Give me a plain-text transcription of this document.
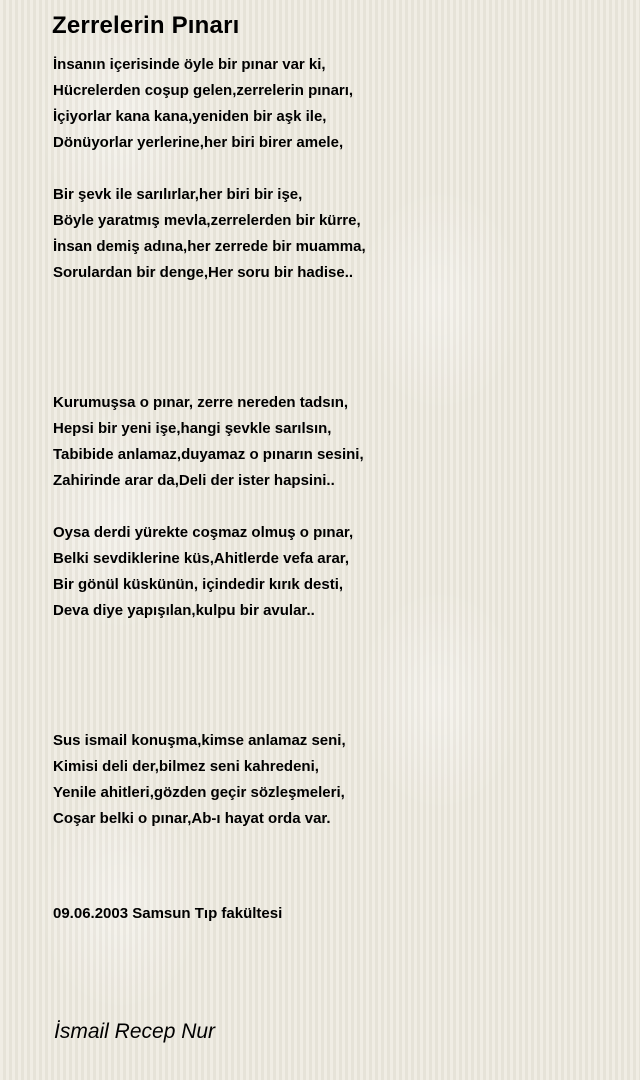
Zerrelerin Pınarı
İnsanın içerisinde öyle bir pınar var ki,
Hücrelerden coşup gelen,zerrelerin pınarı,
İçiyorlar kana kana,yeniden bir aşk ile,
Dönüyorlar yerlerine,her biri birer amele,
Bir şevk ile sarılırlar,her biri bir işe,
Böyle yaratmış mevla,zerrelerden bir kürre,
İnsan demiş adına,her zerrede bir muamma,
Sorulardan bir denge,Her soru bir hadise..
Kurumuşsa o pınar, zerre nereden tadsın,
Hepsi bir yeni işe,hangi şevkle sarılsın,
Tabibide anlamaz,duyamaz o pınarın sesini,
Zahirinde arar da,Deli der ister hapsini..
Oysa derdi yürekte coşmaz olmuş o pınar,
Belki sevdiklerine küs,Ahitlerde vefa arar,
Bir gönül küskünün, içindedir kırık desti,
Deva diye yapışılan,kulpu bir avular..
Sus ismail konuşma,kimse anlamaz seni,
Kimisi deli der,bilmez seni kahredeni,
Yenile ahitleri,gözden geçir sözleşmeleri,
Coşar belki o pınar,Ab-ı hayat orda var.
09.06.2003 Samsun Tıp fakültesi
İsmail Recep Nur
